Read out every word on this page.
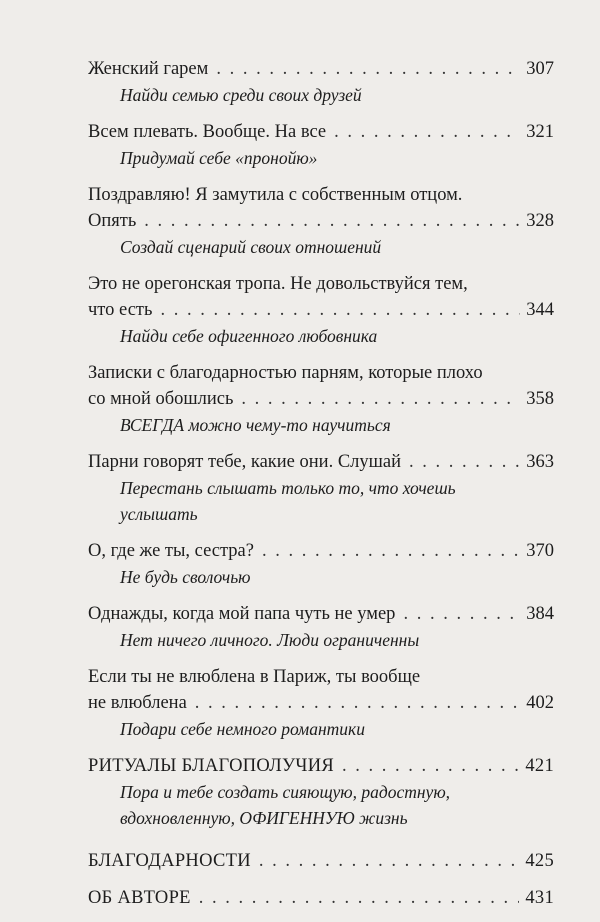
Женский гарем . . .	307
Найди семью среди своих друзей
Всем плевать. Вообще. На все . . .	321
Придумай себе «пронойю»
Поздравляю! Я замутила с собственным отцом.
Опять . . .	328
Создай сценарий своих отношений
Это не орегонская тропа. Не довольствуйся тем,
что есть . . .	344
Найди себе офигенного любовника
Записки с благодарностью парням, которые плохо
со мной обошлись . . .	358
ВСЕГДА можно чему-то научиться
Парни говорят тебе, какие они. Слушай . . .	363
Перестань слышать только то, что хочешь
услышать
О, где же ты, сестра? . . .	370
Не будь сволочью
Однажды, когда мой папа чуть не умер . . .	384
Нет ничего личного. Люди ограниченны
Если ты не влюблена в Париж, ты вообще
не влюблена . . .	402
Подари себе немного романтики
РИТУАЛЫ БЛАГОПОЛУЧИЯ . . .	421
Пора и тебе создать сияющую, радостную,
вдохновленную, ОФИГЕННУЮ жизнь
БЛАГОДАРНОСТИ . . .	425
ОБ АВТОРЕ . . .	431
